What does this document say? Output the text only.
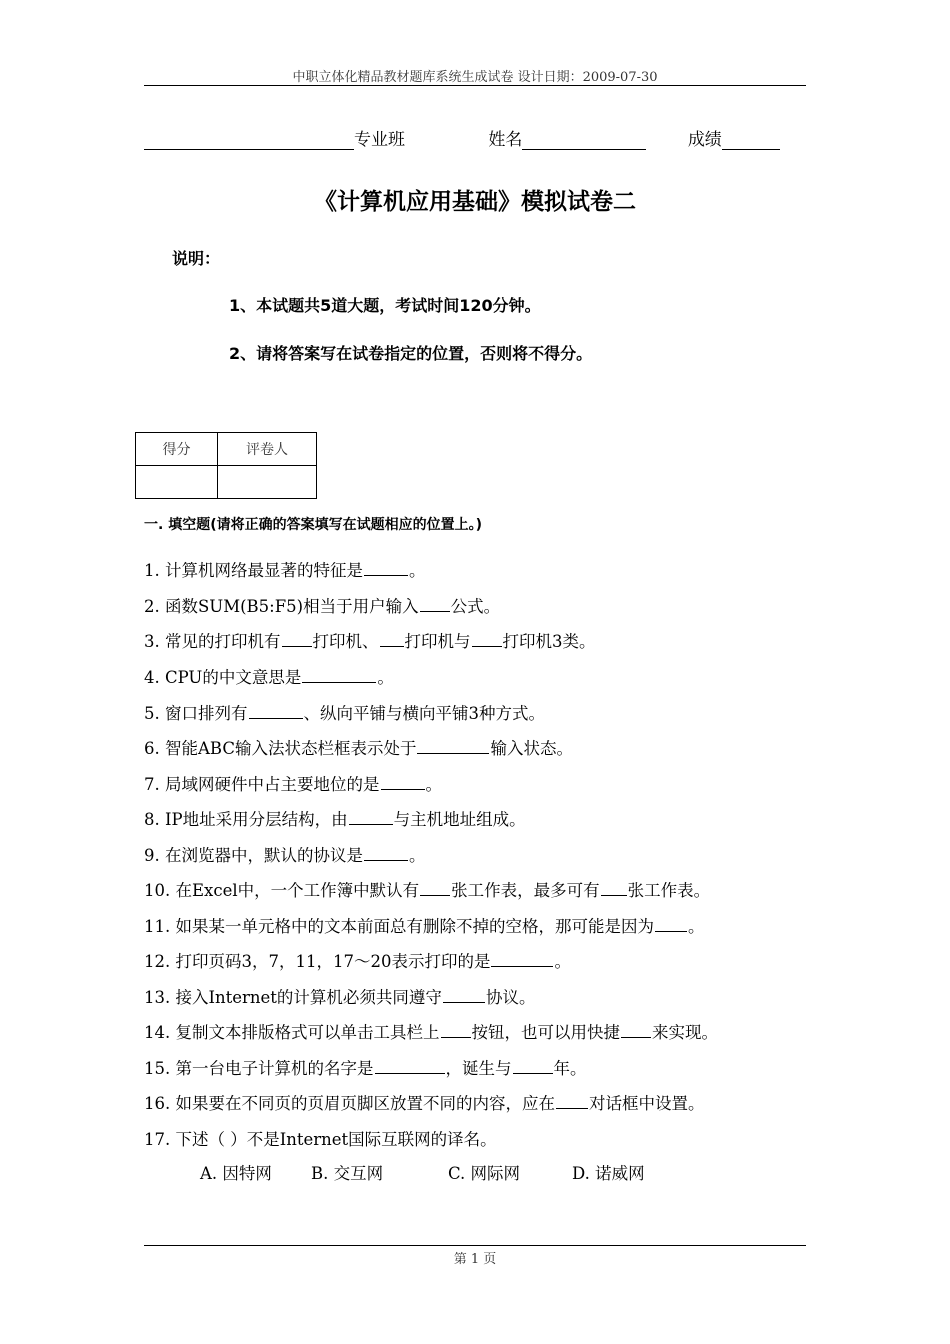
中职立体化精品教材题库系统生成试卷 设计日期：2009-07-30
专业班	姓名	成绩
《计算机应用基础》模拟试卷二
说明：
1、本试题共5道大题，考试时间120分钟。
2、请将答案写在试卷指定的位置，否则将不得分。
得分	评卷人

一. 填空题(请将正确的答案填写在试题相应的位置上。)
1. 计算机网络最显著的特征是	。
2. 函数SUM(B5:F5)相当于用户输入 公式。
3. 常见的打印机有 打印机、 打印机与 打印机3类。
4. CPU的中文意思是	。
5. 窗口排列有	、纵向平铺与横向平铺3种方式。
6. 智能ABC输入法状态栏框表示处于	输入状态。
7. 局域网硬件中占主要地位的是	。
8. IP地址采用分层结构，由	与主机地址组成。
9. 在浏览器中，默认的协议是	。
10. 在Excel中，一个工作簿中默认有 张工作表，最多可有 张工作表。
11. 如果某一单元格中的文本前面总有删除不掉的空格，那可能是因为 。
12. 打印页码3，7，11，17～20表示打印的是	。
13. 接入Internet的计算机必须共同遵守	协议。
14. 复制文本排版格式可以单击工具栏上 按钮，也可以用快捷 来实现。
15. 第一台电子计算机的名字是	，诞生与	年。
16. 如果要在不同页的页眉页脚区放置不同的内容，应在 对话框中设置。
17. 下述（ ）不是Internet国际互联网的译名。
A. 因特网 B. 交互网	C. 网际网	D. 诺威网
第 1 页
